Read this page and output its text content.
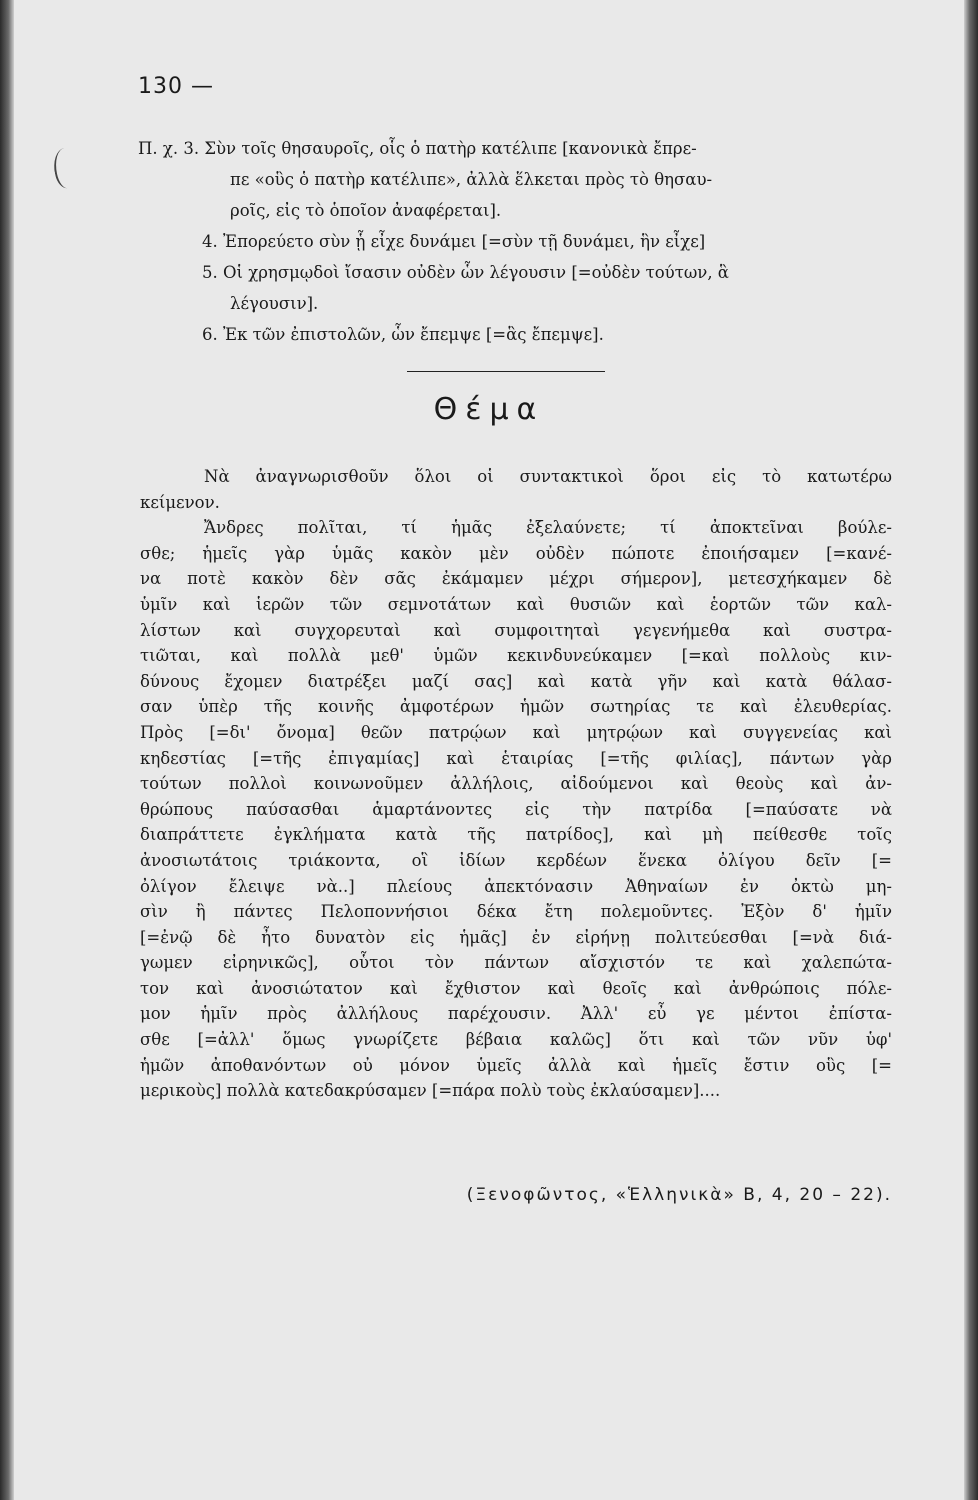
130 —
Π. χ. 3. Σὺν τοῖς θησαυροῖς, οἷς ὁ πατὴρ κατέλιπε [κανονικὰ ἔπρε-
πε «οὓς ὁ πατὴρ κατέλιπε», ἀλλὰ ἕλκεται πρὸς τὸ θησαυ-
ροῖς, εἰς τὸ ὁποῖον ἀναφέρεται].
4. Ἐπορεύετο σὺν ᾗ εἶχε δυνάμει [=σὺν τῇ δυνάμει, ἣν εἶχε]
5. Οἱ χρησμῳδοὶ ἴσασιν οὐδὲν ὧν λέγουσιν [=οὐδὲν τούτων, ἃ
λέγουσιν].
6. Ἐκ τῶν ἐπιστολῶν, ὧν ἔπεμψε [=ἃς ἔπεμψε].
Θέμα
Νὰ ἀναγνωρισθοῦν ὅλοι οἱ συντακτικοὶ ὅροι εἰς τὸ κατωτέρω
κείμενον.
Ἄνδρες πολῖται, τί ἡμᾶς ἐξελαύνετε; τί ἀποκτεῖναι βούλε-
σθε; ἡμεῖς γὰρ ὑμᾶς κακὸν μὲν οὐδὲν πώποτε ἐποιήσαμεν [=κανέ-
να ποτὲ κακὸν δὲν σᾶς ἐκάμαμεν μέχρι σήμερον], μετεσχήκαμεν δὲ
ὑμῖν καὶ ἱερῶν τῶν σεμνοτάτων καὶ θυσιῶν καὶ ἑορτῶν τῶν καλ-
λίστων καὶ συγχορευταὶ καὶ συμφοιτηταὶ γεγενήμεθα καὶ συστρα-
τιῶται, καὶ πολλὰ μεθ' ὑμῶν κεκινδυνεύκαμεν [=καὶ πολλοὺς κιν-
δύνους ἔχομεν διατρέξει μαζί σας] καὶ κατὰ γῆν καὶ κατὰ θάλασ-
σαν ὑπὲρ τῆς κοινῆς ἀμφοτέρων ἡμῶν σωτηρίας τε καὶ ἐλευθερίας.
Πρὸς [=δι' ὄνομα] θεῶν πατρῴων καὶ μητρῴων καὶ συγγενείας καὶ
κηδεστίας [=τῆς ἐπιγαμίας] καὶ ἑταιρίας [=τῆς φιλίας], πάντων γὰρ
τούτων πολλοὶ κοινωνοῦμεν ἀλλήλοις, αἰδούμενοι καὶ θεοὺς καὶ ἀν-
θρώπους παύσασθαι ἁμαρτάνοντες εἰς τὴν πατρίδα [=παύσατε νὰ
διαπράττετε ἐγκλήματα κατὰ τῆς πατρίδος], καὶ μὴ πείθεσθε τοῖς
ἀνοσιωτάτοις τριάκοντα, οἳ ἰδίων κερδέων ἕνεκα ὀλίγου δεῖν [=
ὀλίγον ἔλειψε νὰ..] πλείους ἀπεκτόνασιν Ἀθηναίων ἐν ὀκτὼ μη-
σὶν ἢ πάντες Πελοποννήσιοι δέκα ἔτη πολεμοῦντες. Ἐξὸν δ' ἡμῖν
[=ἐνῷ δὲ ἦτο δυνατὸν εἰς ἡμᾶς] ἐν εἰρήνῃ πολιτεύεσθαι [=νὰ διά-
γωμεν εἰρηνικῶς], οὗτοι τὸν πάντων αἴσχιστόν τε καὶ χαλεπώτα-
τον καὶ ἀνοσιώτατον καὶ ἔχθιστον καὶ θεοῖς καὶ ἀνθρώποις πόλε-
μον ἡμῖν πρὸς ἀλλήλους παρέχουσιν. Ἀλλ' εὖ γε μέντοι ἐπίστα-
σθε [=ἀλλ' ὅμως γνωρίζετε βέβαια καλῶς] ὅτι καὶ τῶν νῦν ὑφ'
ἡμῶν ἀποθανόντων οὐ μόνον ὑμεῖς ἀλλὰ καὶ ἡμεῖς ἔστιν οὓς [=
μερικοὺς] πολλὰ κατεδακρύσαμεν [=πάρα πολὺ τοὺς ἐκλαύσαμεν]....
(Ξενοφῶντος, «Ἑλληνικὰ» Β, 4, 20 – 22).
